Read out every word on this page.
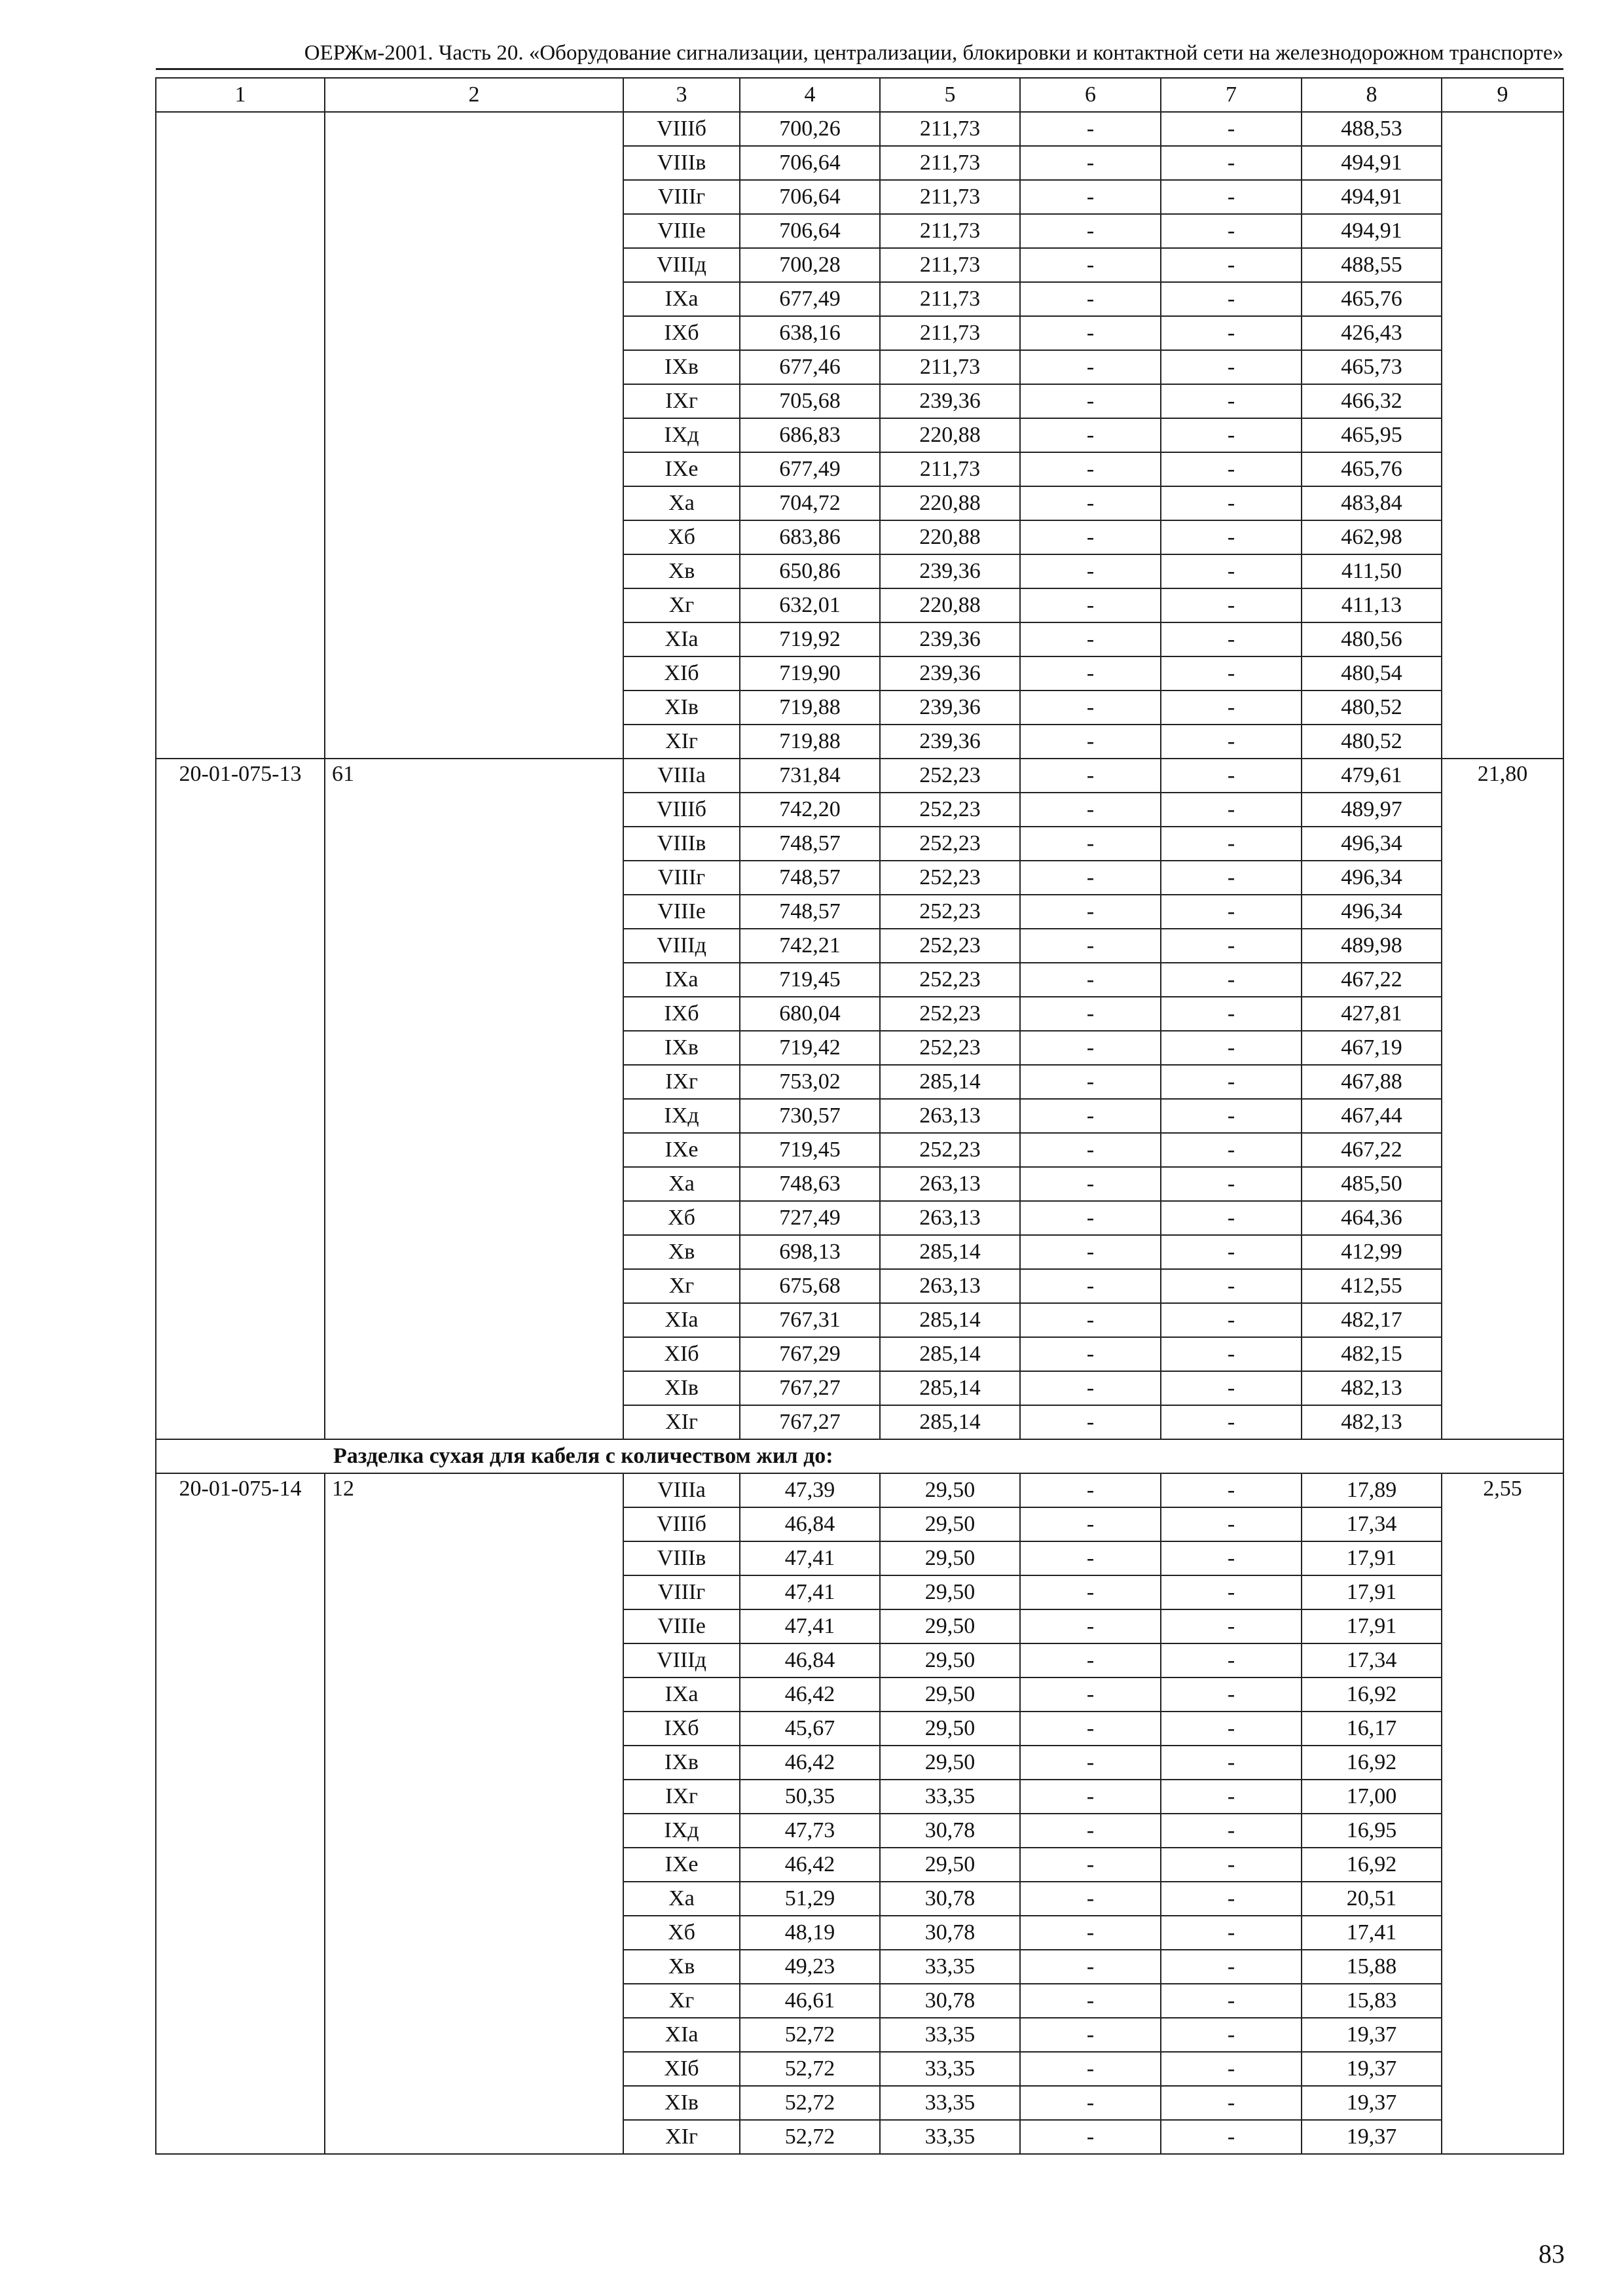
ОЕРЖм-2001. Часть 20. «Оборудование сигнализации, централизации, блокировки и контактной сети на железнодорожном транспорте»
1	2	3	4	5	6	7	8	9
		VIIIб	700,26	211,73	-	-	488,53	
		VIIIв	706,64	211,73	-	-	494,91	
		VIIIг	706,64	211,73	-	-	494,91	
		VIIIе	706,64	211,73	-	-	494,91	
		VIIIд	700,28	211,73	-	-	488,55	
		IXа	677,49	211,73	-	-	465,76	
		IXб	638,16	211,73	-	-	426,43	
		IXв	677,46	211,73	-	-	465,73	
		IXг	705,68	239,36	-	-	466,32	
		IXд	686,83	220,88	-	-	465,95	
		IXе	677,49	211,73	-	-	465,76	
		Xа	704,72	220,88	-	-	483,84	
		Xб	683,86	220,88	-	-	462,98	
		Xв	650,86	239,36	-	-	411,50	
		Xг	632,01	220,88	-	-	411,13	
		XIа	719,92	239,36	-	-	480,56	
		XIб	719,90	239,36	-	-	480,54	
		XIв	719,88	239,36	-	-	480,52	
		XIг	719,88	239,36	-	-	480,52	
20-01-075-13	61	VIIIа	731,84	252,23	-	-	479,61	21,80
		VIIIб	742,20	252,23	-	-	489,97	
		VIIIв	748,57	252,23	-	-	496,34	
		VIIIг	748,57	252,23	-	-	496,34	
		VIIIе	748,57	252,23	-	-	496,34	
		VIIIд	742,21	252,23	-	-	489,98	
		IXа	719,45	252,23	-	-	467,22	
		IXб	680,04	252,23	-	-	427,81	
		IXв	719,42	252,23	-	-	467,19	
		IXг	753,02	285,14	-	-	467,88	
		IXд	730,57	263,13	-	-	467,44	
		IXе	719,45	252,23	-	-	467,22	
		Xа	748,63	263,13	-	-	485,50	
		Xб	727,49	263,13	-	-	464,36	
		Xв	698,13	285,14	-	-	412,99	
		Xг	675,68	263,13	-	-	412,55	
		XIа	767,31	285,14	-	-	482,17	
		XIб	767,29	285,14	-	-	482,15	
		XIв	767,27	285,14	-	-	482,13	
		XIг	767,27	285,14	-	-	482,13	
Разделка сухая для кабеля с количеством жил до:								
20-01-075-14	12	VIIIа	47,39	29,50	-	-	17,89	2,55
		VIIIб	46,84	29,50	-	-	17,34	
		VIIIв	47,41	29,50	-	-	17,91	
		VIIIг	47,41	29,50	-	-	17,91	
		VIIIе	47,41	29,50	-	-	17,91	
		VIIIд	46,84	29,50	-	-	17,34	
		IXа	46,42	29,50	-	-	16,92	
		IXб	45,67	29,50	-	-	16,17	
		IXв	46,42	29,50	-	-	16,92	
		IXг	50,35	33,35	-	-	17,00	
		IXд	47,73	30,78	-	-	16,95	
		IXе	46,42	29,50	-	-	16,92	
		Xа	51,29	30,78	-	-	20,51	
		Xб	48,19	30,78	-	-	17,41	
		Xв	49,23	33,35	-	-	15,88	
		Xг	46,61	30,78	-	-	15,83	
		XIа	52,72	33,35	-	-	19,37	
		XIб	52,72	33,35	-	-	19,37	
		XIв	52,72	33,35	-	-	19,37	
		XIг	52,72	33,35	-	-	19,37	
83
